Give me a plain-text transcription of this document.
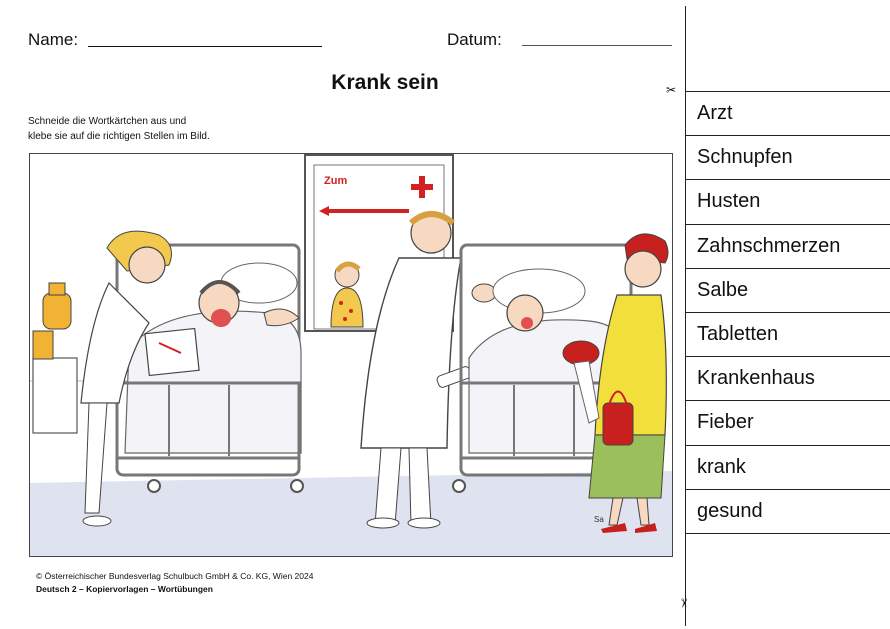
Name:	Datum:
Krank sein
Schneide die Wortkärtchen aus und
klebe sie auf die richtigen Stellen im Bild.
Zum
Sa
© Österreichischer Bundesverlag Schulbuch GmbH & Co. KG, Wien 2024
Deutsch 2 – Kopiervorlagen – Wortübungen
✂
✂
Arzt
Schnupfen
Husten
Zahnschmerzen
Salbe
Tabletten
Krankenhaus
Fieber
krank
gesund
